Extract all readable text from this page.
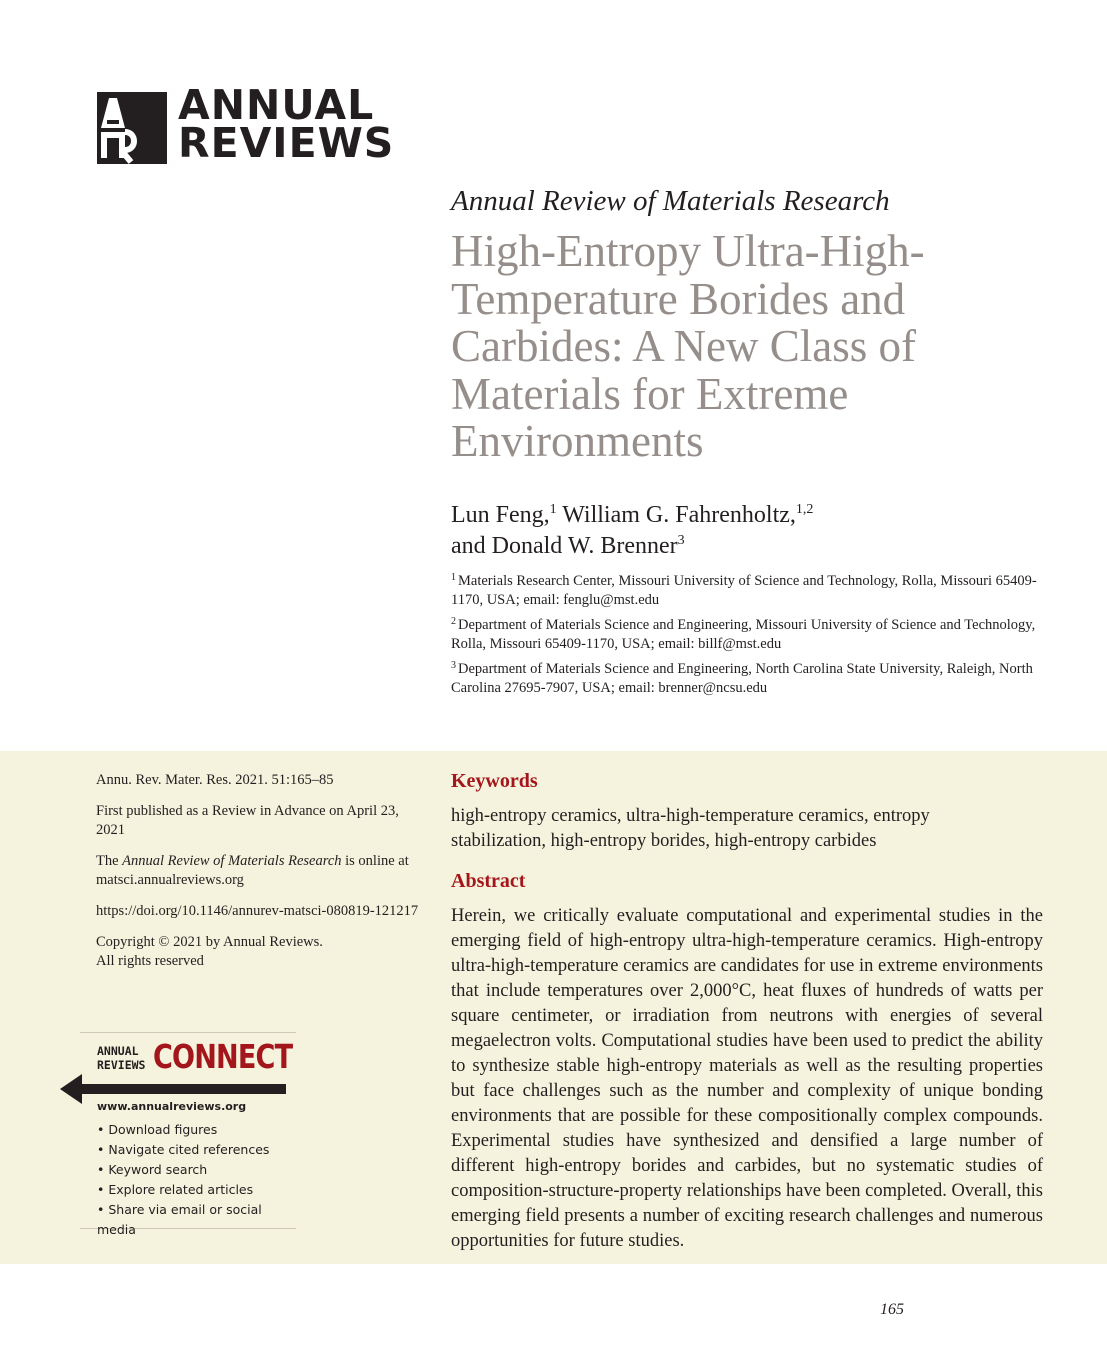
ANNUAL
REVIEWS
Annual Review of Materials Research
High-Entropy Ultra-High-Temperature Borides and Carbides: A New Class of Materials for Extreme Environments
Lun Feng,$^1$ William G. Fahrenholtz,$^{1,2}$
and Donald W. Brenner$^3$
$^1$ Materials Research Center, Missouri University of Science and Technology, Rolla, Missouri 65409-1170, USA; email: fenglu@mst.edu
$^2$ Department of Materials Science and Engineering, Missouri University of Science and Technology, Rolla, Missouri 65409-1170, USA; email: billf@mst.edu
$^3$ Department of Materials Science and Engineering, North Carolina State University, Raleigh, North Carolina 27695-7907, USA; email: brenner@ncsu.edu

Annu. Rev. Mater. Res. 2021. 51:165–85

First published as a Review in Advance on April 23, 2021

The Annual Review of Materials Research is online at matsci.annualreviews.org

https://doi.org/10.1146/annurev-matsci-080819-121217

Copyright © 2021 by Annual Reviews.
All rights reserved

ANNUAL
REVIEWS CONNECT
www.annualreviews.org
• Download figures
• Navigate cited references
• Keyword search
• Explore related articles
• Share via email or social media
Keywords
high-entropy ceramics, ultra-high-temperature ceramics, entropy stabilization, high-entropy borides, high-entropy carbides
Abstract
Herein, we critically evaluate computational and experimental studies in the emerging field of high-entropy ultra-high-temperature ceramics. High-entropy ultra-high-temperature ceramics are candidates for use in extreme environments that include temperatures over 2,000°C, heat fluxes of hundreds of watts per square centimeter, or irradiation from neutrons with energies of several megaelectron volts. Computational studies have been used to predict the ability to synthesize stable high-entropy materials as well as the resulting properties but face challenges such as the number and complexity of unique bonding environments that are possible for these compositionally complex compounds. Experimental studies have synthesized and densified a large number of different high-entropy borides and carbides, but no systematic studies of composition-structure-property relationships have been completed. Overall, this emerging field presents a number of exciting research challenges and numerous opportunities for future studies.
165
